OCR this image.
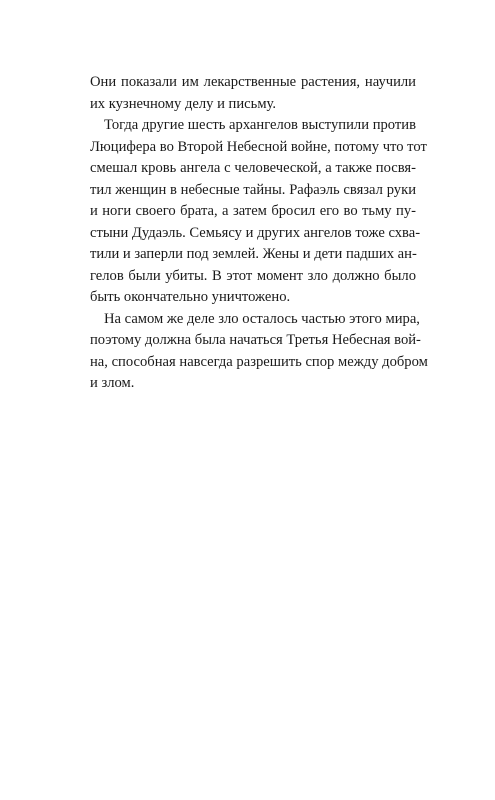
Они показали им лекарственные растения, научили
их кузнечному делу и письму.

Тогда другие шесть архангелов выступили против
Люцифера во Второй Небесной войне, потому что тот
смешал кровь ангела с человеческой, а также посвя-
тил женщин в небесные тайны. Рафаэль связал руки
и ноги своего брата, а затем бросил его во тьму пу-
стыни Дудаэль. Семьясу и других ангелов тоже схва-
тили и заперли под землей. Жены и дети падших ан-
гелов были убиты. В этот момент зло должно было
быть окончательно уничтожено.

На самом же деле зло осталось частью этого мира,
поэтому должна была начаться Третья Небесная вой-
на, способная навсегда разрешить спор между добром
и злом.
